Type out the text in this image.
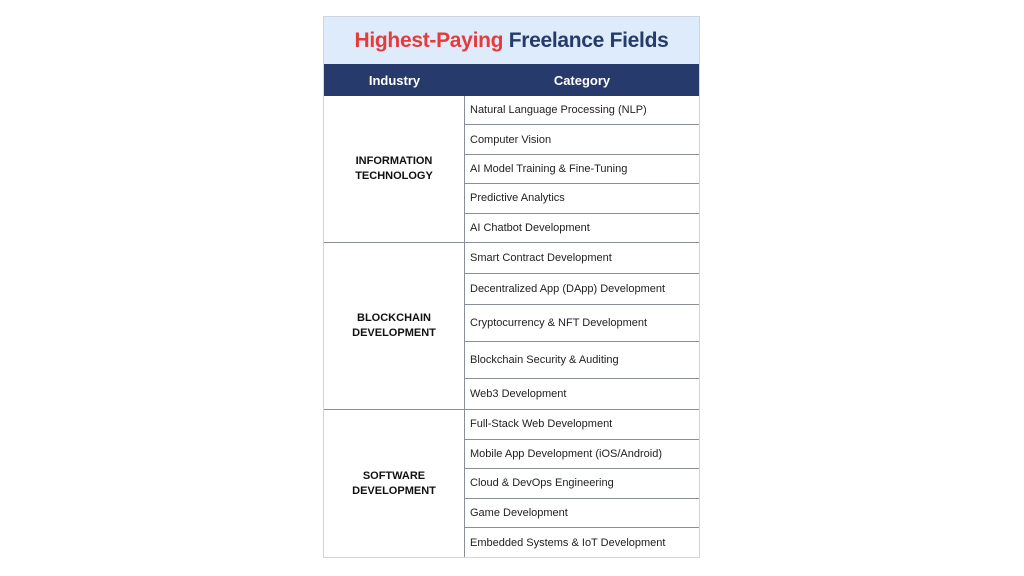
Highest-Paying Freelance Fields
Industry	Category
INFORMATION
TECHNOLOGY
Natural Language Processing (NLP)
Computer Vision
AI Model Training & Fine-Tuning
Predictive Analytics
AI Chatbot Development
BLOCKCHAIN
DEVELOPMENT
Smart Contract Development
Decentralized App (DApp) Development
Cryptocurrency & NFT Development
Blockchain Security & Auditing
Web3 Development
SOFTWARE
DEVELOPMENT
Full-Stack Web Development
Mobile App Development (iOS/Android)
Cloud & DevOps Engineering
Game Development
Embedded Systems & IoT Development
